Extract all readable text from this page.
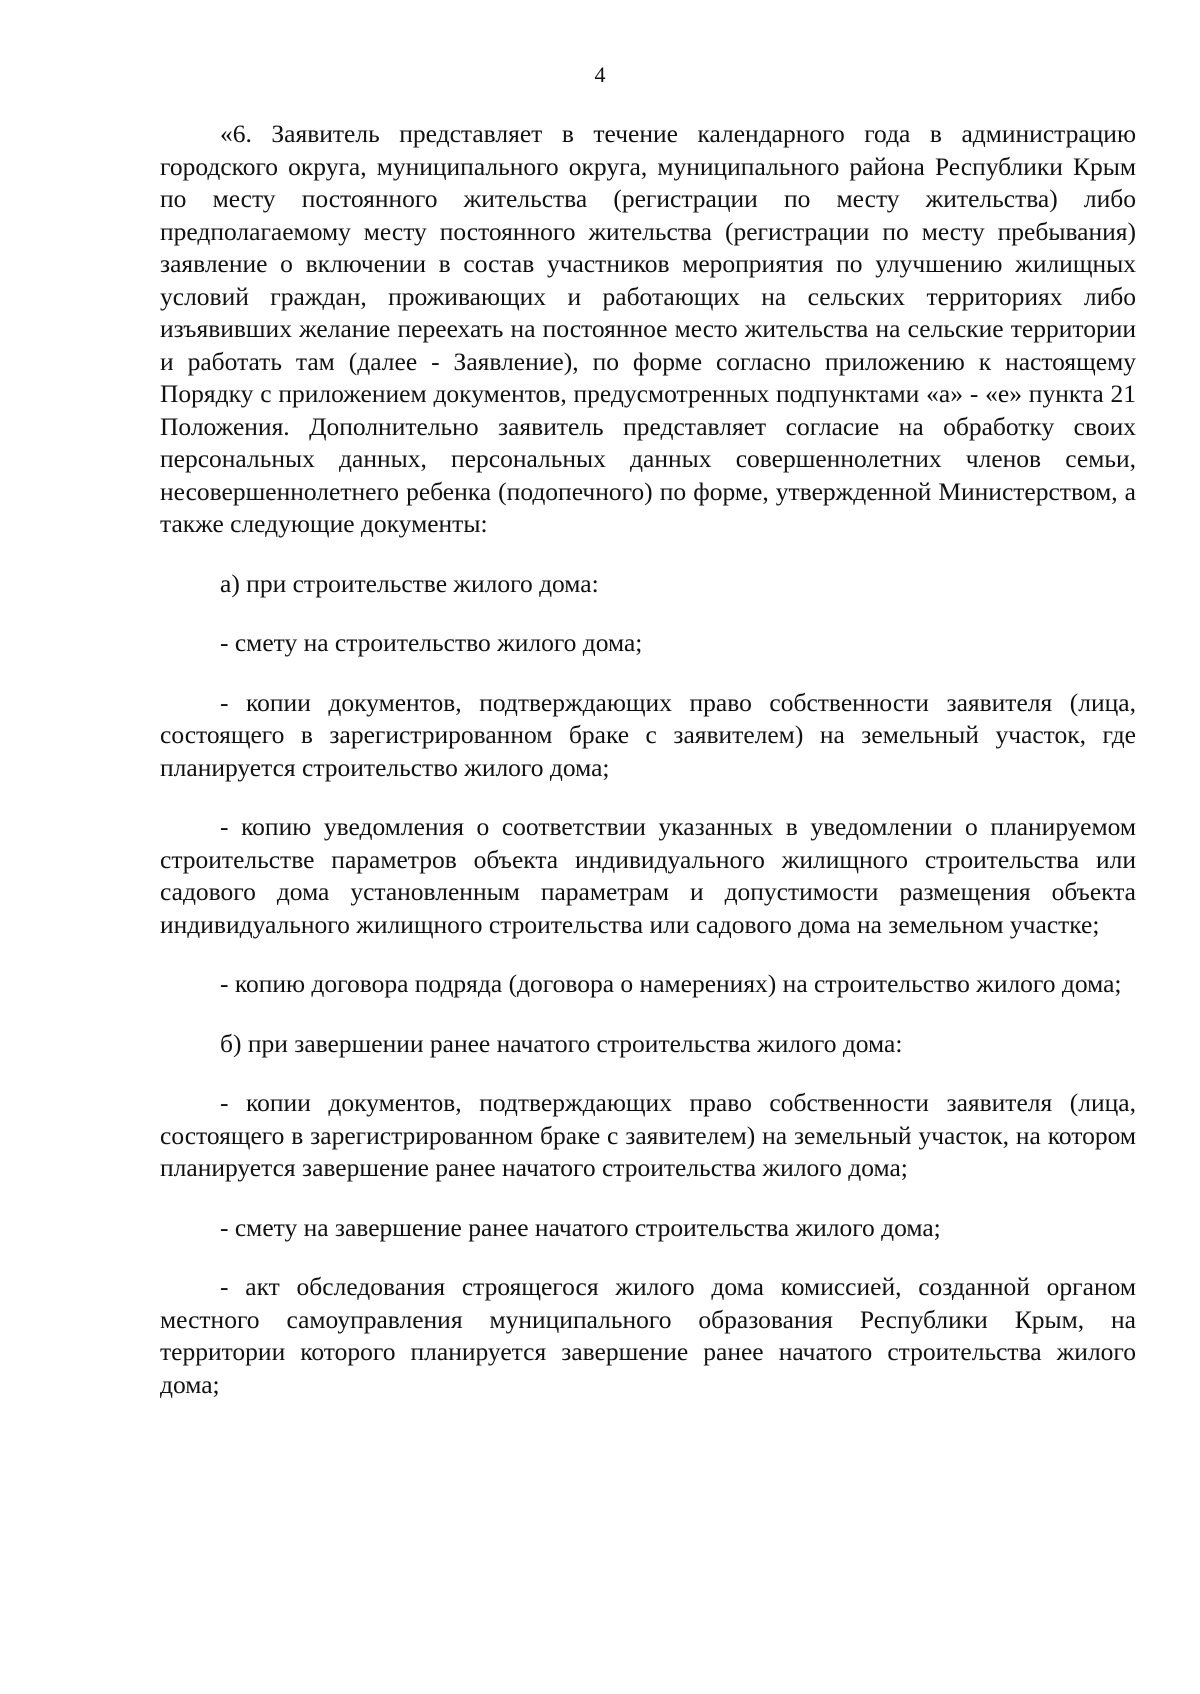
4

«6. Заявитель представляет в течение календарного года в администрацию городского округа, муниципального округа, муниципального района Республики Крым по месту постоянного жительства (регистрации по месту жительства) либо предполагаемому месту постоянного жительства (регистрации по месту пребывания) заявление о включении в состав участников мероприятия по улучшению жилищных условий граждан, проживающих и работающих на сельских территориях либо изъявивших желание переехать на постоянное место жительства на сельские территории и работать там (далее - Заявление), по форме согласно приложению к настоящему Порядку с приложением документов, предусмотренных подпунктами «а» - «е» пункта 21 Положения. Дополнительно заявитель представляет согласие на обработку своих персональных данных, персональных данных совершеннолетних членов семьи, несовершеннолетнего ребенка (подопечного) по форме, утвержденной Министерством, а также следующие документы:

а) при строительстве жилого дома:

- смету на строительство жилого дома;

- копии документов, подтверждающих право собственности заявителя (лица, состоящего в зарегистрированном браке с заявителем) на земельный участок, где планируется строительство жилого дома;

- копию уведомления о соответствии указанных в уведомлении о планируемом строительстве параметров объекта индивидуального жилищного строительства или садового дома установленным параметрам и допустимости размещения объекта индивидуального жилищного строительства или садового дома на земельном участке;

- копию договора подряда (договора о намерениях) на строительство жилого дома;

б) при завершении ранее начатого строительства жилого дома:

- копии документов, подтверждающих право собственности заявителя (лица, состоящего в зарегистрированном браке с заявителем) на земельный участок, на котором планируется завершение ранее начатого строительства жилого дома;

- смету на завершение ранее начатого строительства жилого дома;

- акт обследования строящегося жилого дома комиссией, созданной органом местного самоуправления муниципального образования Республики Крым, на территории которого планируется завершение ранее начатого строительства жилого дома;
